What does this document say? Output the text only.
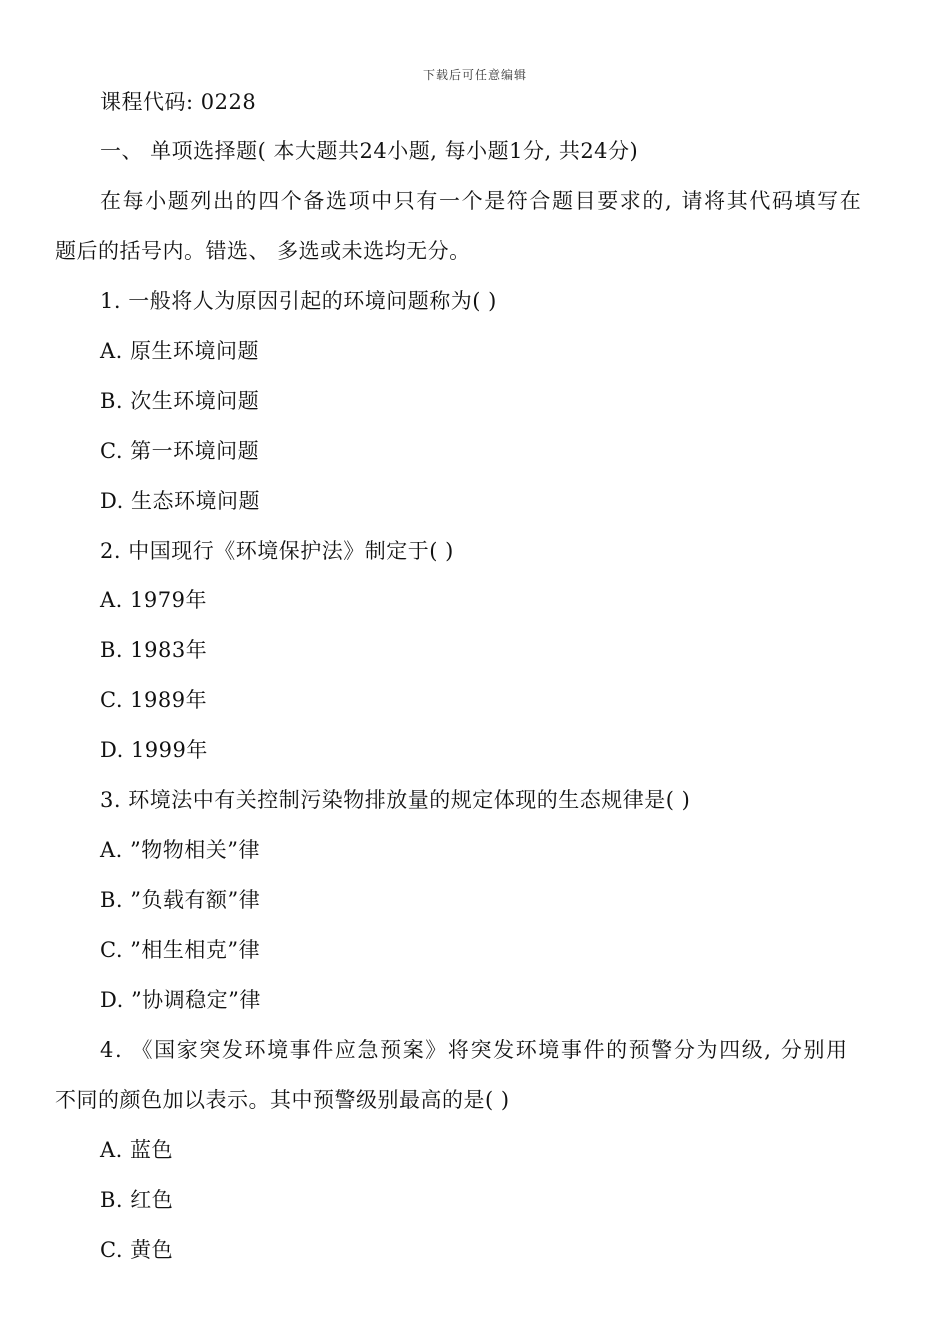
下载后可任意编辑
课程代码: 0228
一、 单项选择题( 本大题共24小题, 每小题1分, 共24分)
在每小题列出的四个备选项中只有一个是符合题目要求的, 请将其代码填写在
题后的括号内。错选、 多选或未选均无分。
1. 一般将人为原因引起的环境问题称为( )
A. 原生环境问题
B. 次生环境问题
C. 第一环境问题
D. 生态环境问题
2. 中国现行《环境保护法》制定于( )
A. 1979年
B. 1983年
C. 1989年
D. 1999年
3. 环境法中有关控制污染物排放量的规定体现的生态规律是( )
A. ”物物相关”律
B. ”负载有额”律
C. ”相生相克”律
D. ”协调稳定”律
4. 《国家突发环境事件应急预案》将突发环境事件的预警分为四级, 分别用
不同的颜色加以表示。其中预警级别最高的是( )
A. 蓝色
B. 红色
C. 黄色
